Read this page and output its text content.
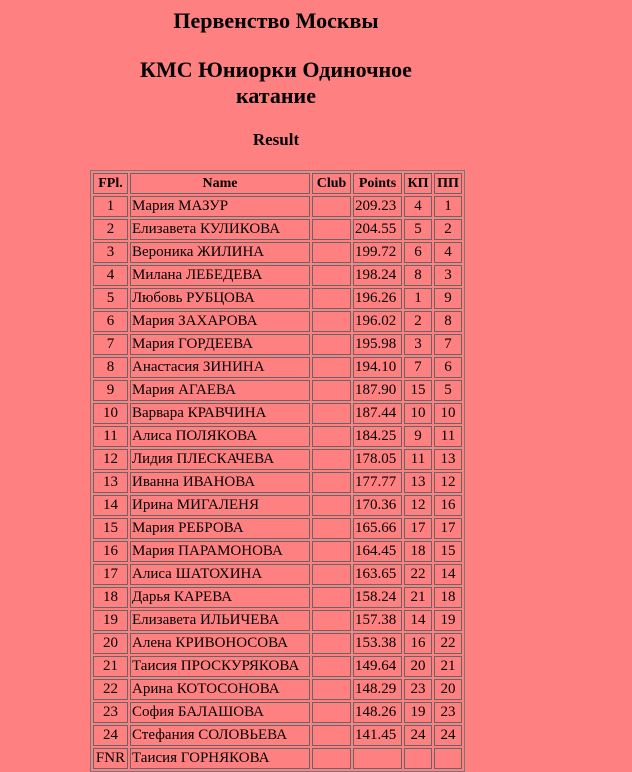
Первенство Москвы
КМС Юниорки Одиночное катание
Result
FPl.	Name	Club	Points	КП	ПП
1	Мария МАЗУР		209.23	4	1
2	Елизавета КУЛИКОВА		204.55	5	2
3	Вероника ЖИЛИНА		199.72	6	4
4	Милана ЛЕБЕДЕВА		198.24	8	3
5	Любовь РУБЦОВА		196.26	1	9
6	Мария ЗАХАРОВА		196.02	2	8
7	Мария ГОРДЕЕВА		195.98	3	7
8	Анастасия ЗИНИНА		194.10	7	6
9	Мария АГАЕВА		187.90	15	5
10	Варвара КРАВЧИНА		187.44	10	10
11	Алиса ПОЛЯКОВА		184.25	9	11
12	Лидия ПЛЕСКАЧЕВА		178.05	11	13
13	Иванна ИВАНОВА		177.77	13	12
14	Ирина МИГАЛЕНЯ		170.36	12	16
15	Мария РЕБРОВА		165.66	17	17
16	Мария ПАРАМОНОВА		164.45	18	15
17	Алиса ШАТОХИНА		163.65	22	14
18	Дарья КАРЕВА		158.24	21	18
19	Елизавета ИЛЬИЧЕВА		157.38	14	19
20	Алена КРИВОНОСОВА		153.38	16	22
21	Таисия ПРОСКУРЯКОВА		149.64	20	21
22	Арина КОТОСОНОВА		148.29	23	20
23	София БАЛАШОВА		148.26	19	23
24	Стефания СОЛОВЬЕВА		141.45	24	24
FNR	Таисия ГОРНЯКОВА				
